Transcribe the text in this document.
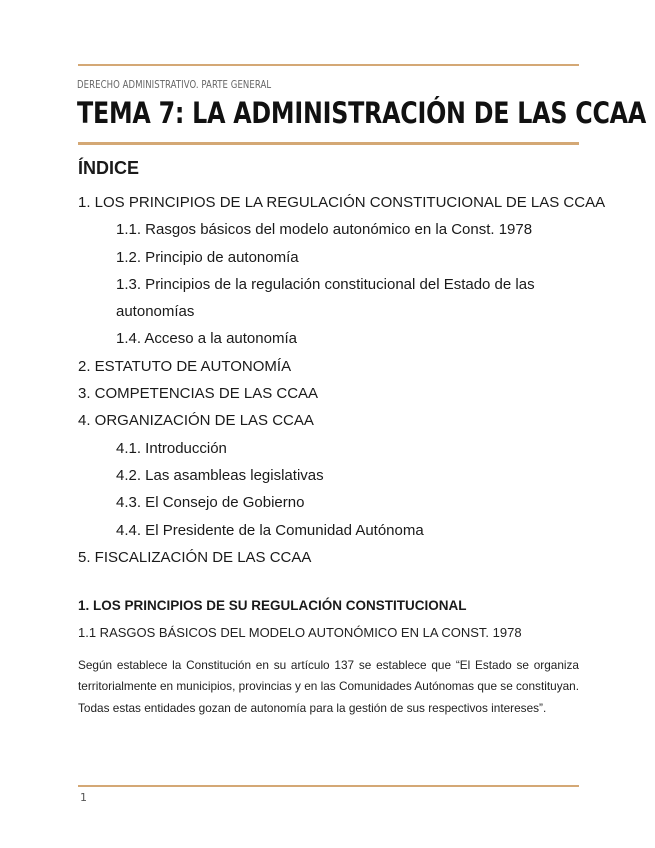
DERECHO ADMINISTRATIVO. PARTE GENERAL
TEMA 7: LA ADMINISTRACIÓN DE LAS CCAA
ÍNDICE
1. LOS PRINCIPIOS DE LA REGULACIÓN CONSTITUCIONAL DE LAS CCAA
1.1. Rasgos básicos del modelo autonómico en la Const. 1978
1.2. Principio de autonomía
1.3. Principios de la regulación constitucional del Estado de las autonomías
1.4. Acceso a la autonomía
2. ESTATUTO DE AUTONOMÍA
3. COMPETENCIAS DE LAS CCAA
4. ORGANIZACIÓN DE LAS CCAA
4.1. Introducción
4.2. Las asambleas legislativas
4.3. El Consejo de Gobierno
4.4. El Presidente de la Comunidad Autónoma
5. FISCALIZACIÓN DE LAS CCAA

1. LOS PRINCIPIOS DE SU REGULACIÓN CONSTITUCIONAL

1.1 RASGOS BÁSICOS DEL MODELO AUTONÓMICO EN LA CONST. 1978

Según establece la Constitución en su artículo 137 se establece que “El Estado se organiza territorialmente en municipios, provincias y en las Comunidades Autónomas que se constituyan. Todas estas entidades gozan de autonomía para la gestión de sus respectivos intereses”.

1
